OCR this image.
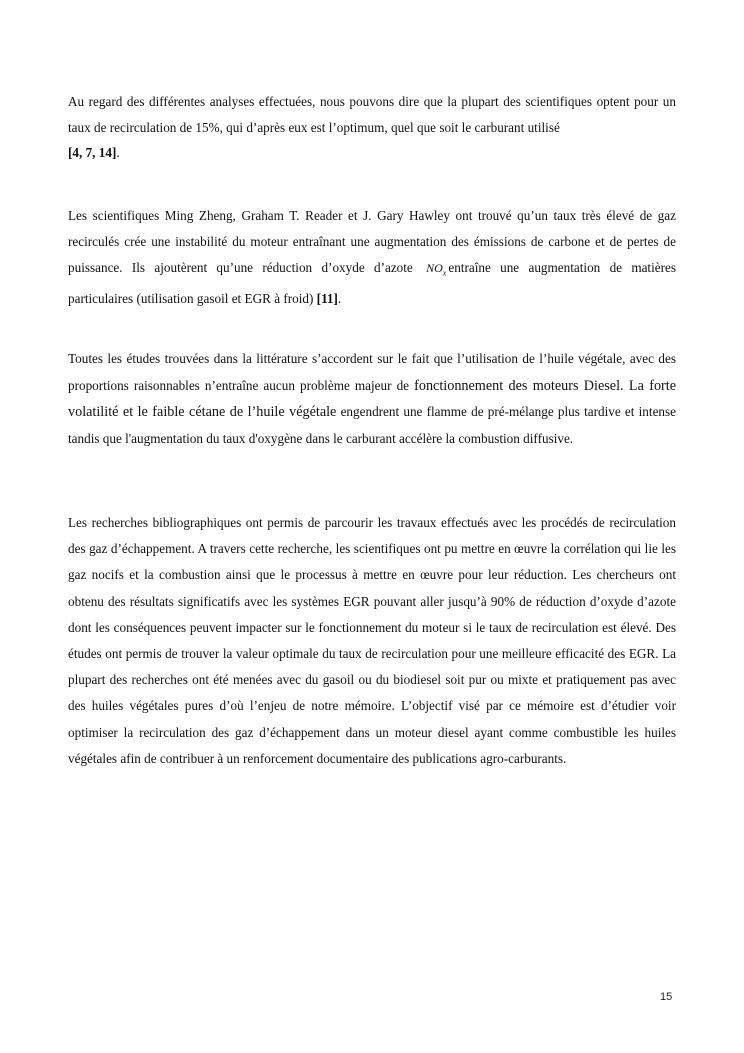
Au regard des différentes analyses effectuées, nous pouvons dire que la plupart des scientifiques optent pour un taux de recirculation de 15%, qui d’après eux est l’optimum, quel que soit le carburant utilisé
[4, 7, 14].

Les scientifiques Ming Zheng, Graham T. Reader et J. Gary Hawley ont trouvé qu’un taux très élevé de gaz recirculés crée une instabilité du moteur entraînant une augmentation des émissions de carbone et de pertes de puissance. Ils ajoutèrent qu’une réduction d’oxyde d’azote $NO_x$ entraîne une augmentation de matières particulaires (utilisation gasoil et EGR à froid) [11].

Toutes les études trouvées dans la littérature s’accordent sur le fait que l’utilisation de l’huile végétale, avec des proportions raisonnables n’entraîne aucun problème majeur de fonctionnement des moteurs Diesel. La forte volatilité et le faible cétane de l’huile végétale engendrent une flamme de pré-mélange plus tardive et intense tandis que l'augmentation du taux d'oxygène dans le carburant accélère la combustion diffusive.

Les recherches bibliographiques ont permis de parcourir les travaux effectués avec les procédés de recirculation des gaz d’échappement. A travers cette recherche, les scientifiques ont pu mettre en œuvre la corrélation qui lie les gaz nocifs et la combustion ainsi que le processus à mettre en œuvre pour leur réduction. Les chercheurs ont obtenu des résultats significatifs avec les systèmes EGR pouvant aller jusqu’à 90% de réduction d’oxyde d’azote dont les conséquences peuvent impacter sur le fonctionnement du moteur si le taux de recirculation est élevé. Des études ont permis de trouver la valeur optimale du taux de recirculation pour une meilleure efficacité des EGR. La plupart des recherches ont été menées avec du gasoil ou du biodiesel soit pur ou mixte et pratiquement pas avec des huiles végétales pures d’où l’enjeu de notre mémoire. L’objectif visé par ce mémoire est d’étudier voir optimiser la recirculation des gaz d’échappement dans un moteur diesel ayant comme combustible les huiles végétales afin de contribuer à un renforcement documentaire des publications agro-carburants.

15
